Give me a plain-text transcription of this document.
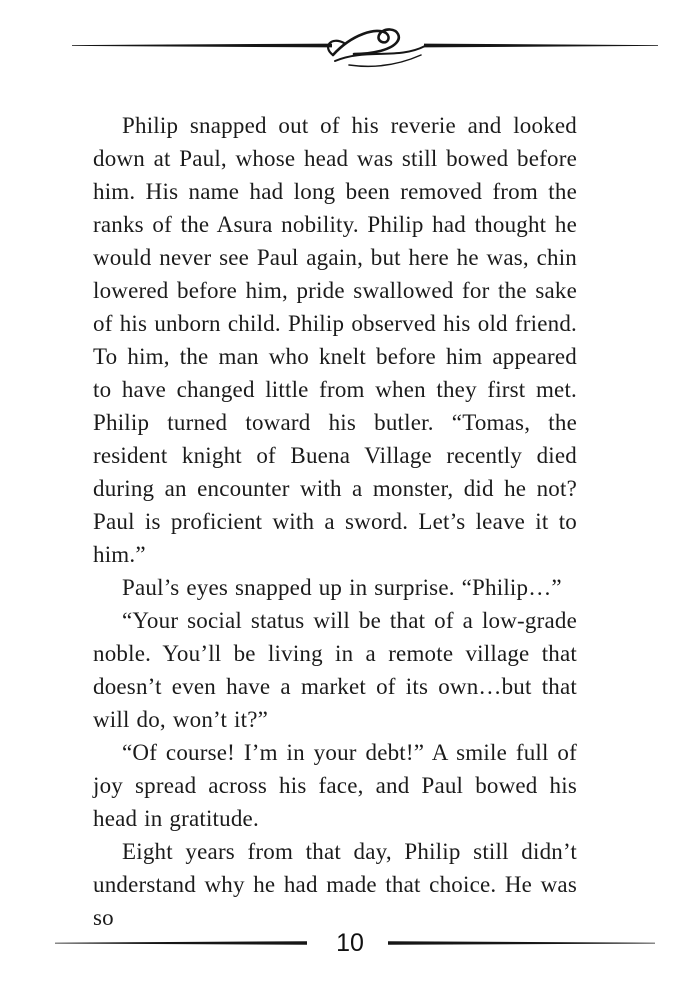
Philip snapped out of his reverie and looked down at Paul, whose head was still bowed before him. His name had long been removed from the ranks of the Asura nobility. Philip had thought he would never see Paul again, but here he was, chin lowered before him, pride swallowed for the sake of his unborn child. Philip observed his old friend. To him, the man who knelt before him appeared to have changed little from when they first met. Philip turned toward his butler. “Tomas, the resident knight of Buena Village recently died during an encounter with a monster, did he not? Paul is proficient with a sword. Let’s leave it to him.”

Paul’s eyes snapped up in surprise. “Philip…”

“Your social status will be that of a low-grade noble. You’ll be living in a remote village that doesn’t even have a market of its own…but that will do, won’t it?”

“Of course! I’m in your debt!” A smile full of joy spread across his face, and Paul bowed his head in gratitude.

Eight years from that day, Philip still didn’t understand why he had made that choice. He was so

10
